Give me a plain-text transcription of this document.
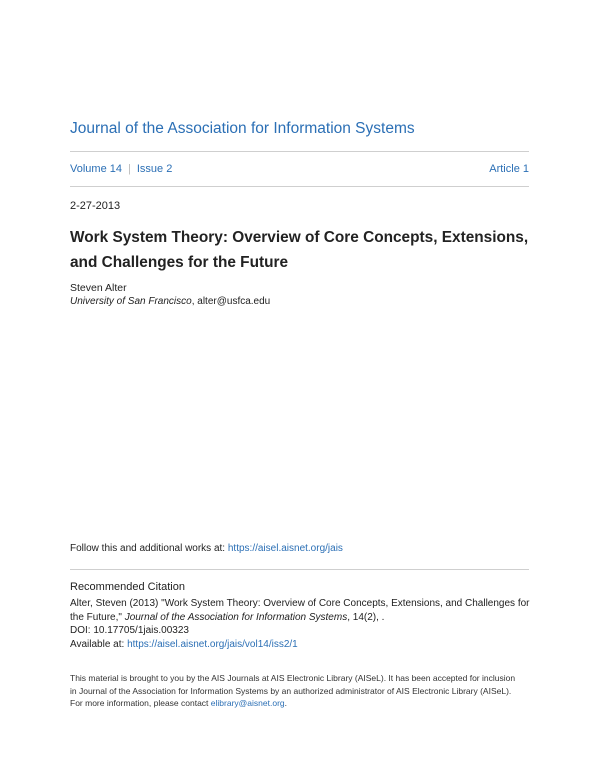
Journal of the Association for Information Systems
Volume 14 | Issue 2	Article 1
2-27-2013
Work System Theory: Overview of Core Concepts, Extensions, and Challenges for the Future
Steven Alter
University of San Francisco, alter@usfca.edu
Follow this and additional works at: https://aisel.aisnet.org/jais
Recommended Citation
Alter, Steven (2013) "Work System Theory: Overview of Core Concepts, Extensions, and Challenges for the Future," Journal of the Association for Information Systems, 14(2), .
DOI: 10.17705/1jais.00323
Available at: https://aisel.aisnet.org/jais/vol14/iss2/1
This material is brought to you by the AIS Journals at AIS Electronic Library (AISeL). It has been accepted for inclusion in Journal of the Association for Information Systems by an authorized administrator of AIS Electronic Library (AISeL). For more information, please contact elibrary@aisnet.org.
